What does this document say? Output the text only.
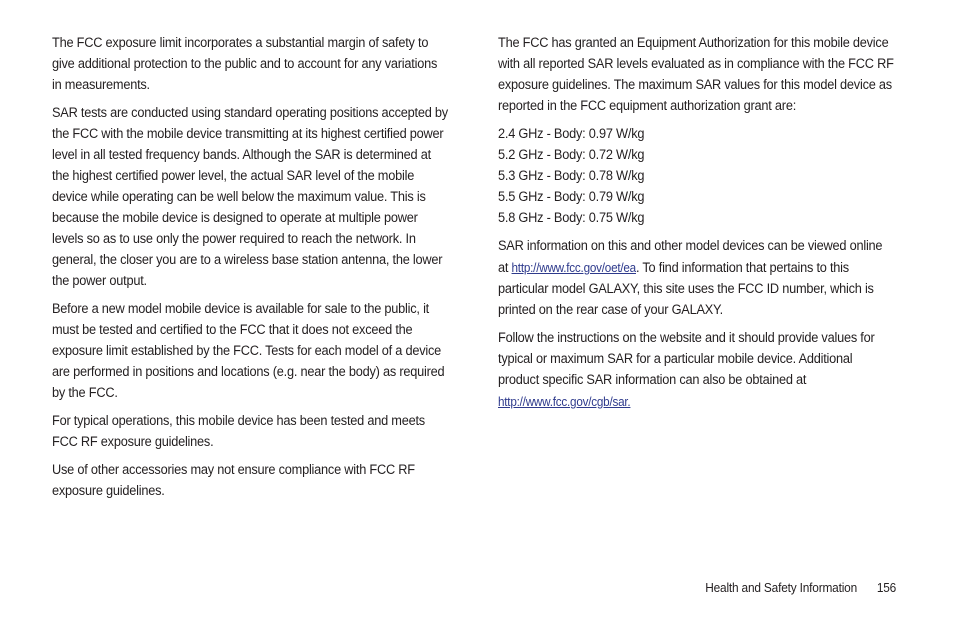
The FCC exposure limit incorporates a substantial margin of safety to give additional protection to the public and to account for any variations in measurements.

SAR tests are conducted using standard operating positions accepted by the FCC with the mobile device transmitting at its highest certified power level in all tested frequency bands. Although the SAR is determined at the highest certified power level, the actual SAR level of the mobile device while operating can be well below the maximum value. This is because the mobile device is designed to operate at multiple power levels so as to use only the power required to reach the network. In general, the closer you are to a wireless base station antenna, the lower the power output.

Before a new model mobile device is available for sale to the public, it must be tested and certified to the FCC that it does not exceed the exposure limit established by the FCC. Tests for each model of a device are performed in positions and locations (e.g. near the body) as required by the FCC.

For typical operations, this mobile device has been tested and meets FCC RF exposure guidelines.

Use of other accessories may not ensure compliance with FCC RF exposure guidelines.

The FCC has granted an Equipment Authorization for this mobile device with all reported SAR levels evaluated as in compliance with the FCC RF exposure guidelines. The maximum SAR values for this model device as reported in the FCC equipment authorization grant are:

2.4 GHz - Body: 0.97 W/kg
5.2 GHz - Body: 0.72 W/kg
5.3 GHz - Body: 0.78 W/kg
5.5 GHz - Body: 0.79 W/kg
5.8 GHz - Body: 0.75 W/kg

SAR information on this and other model devices can be viewed online at http://www.fcc.gov/oet/ea. To find information that pertains to this particular model GALAXY, this site uses the FCC ID number, which is printed on the rear case of your GALAXY.

Follow the instructions on the website and it should provide values for typical or maximum SAR for a particular mobile device. Additional product specific SAR information can also be obtained at http://www.fcc.gov/cgb/sar.

Health and Safety Information 156
